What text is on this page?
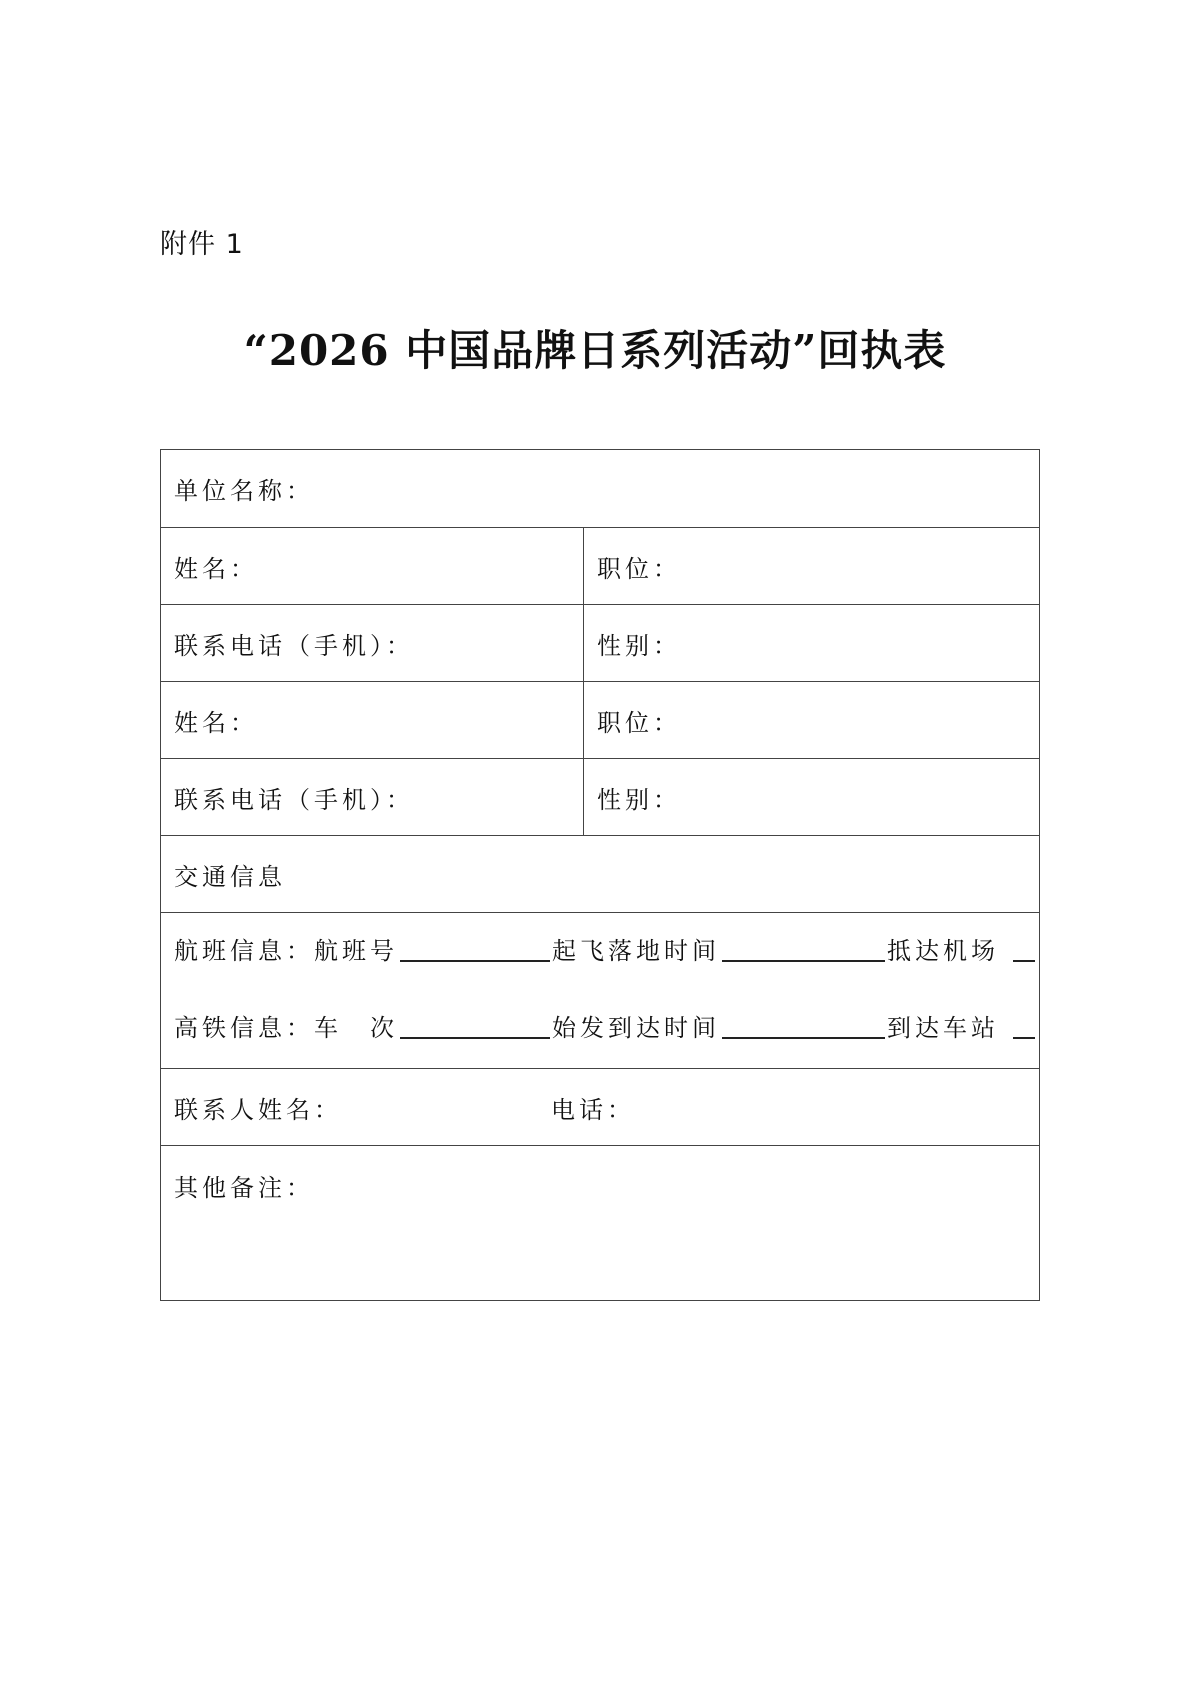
附件 1
“2026 中国品牌日系列活动”回执表
单位名称：
姓名：	职位：
联系电话（手机）：	性别：
姓名：	职位：
联系电话（手机）：	性别：
交通信息
航班信息：航班号	起飞落地时间	抵达机场
高铁信息：车　次	始发到达时间	到达车站
联系人姓名：	电话：
其他备注：
